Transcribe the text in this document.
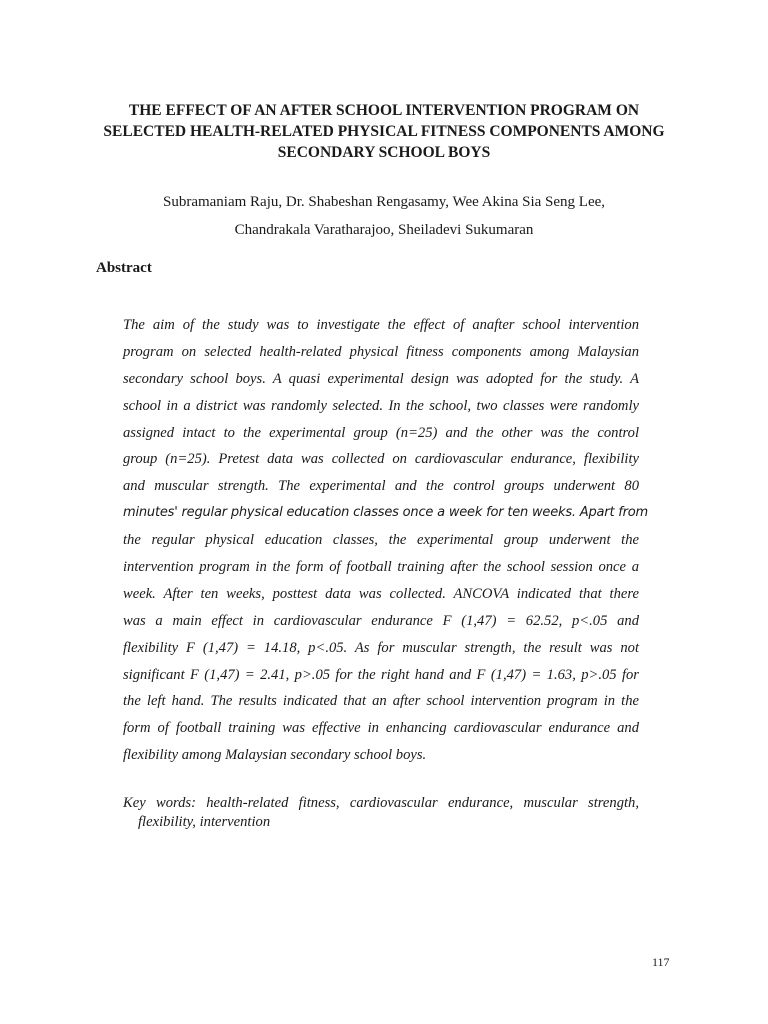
THE EFFECT OF AN AFTER SCHOOL INTERVENTION PROGRAM ON
SELECTED HEALTH-RELATED PHYSICAL FITNESS COMPONENTS AMONG
SECONDARY SCHOOL BOYS
Subramaniam Raju, Dr. Shabeshan Rengasamy, Wee Akina Sia Seng Lee,
Chandrakala Varatharajoo, Sheiladevi Sukumaran
Abstract
The aim of the study was to investigate the effect of anafter school intervention
program on selected health-related physical fitness components among Malaysian
secondary school boys. A quasi experimental design was adopted for the study. A
school in a district was randomly selected. In the school, two classes were randomly
assigned intact to the experimental group (n=25) and the other was the control
group (n=25). Pretest data was collected on cardiovascular endurance, flexibility
and muscular strength. The experimental and the control groups underwent 80
minutes' regular physical education classes once a week for ten weeks. Apart from
the regular physical education classes, the experimental group underwent the
intervention program in the form of football training after the school session once a
week. After ten weeks, posttest data was collected. ANCOVA indicated that there
was a main effect in cardiovascular endurance F (1,47) = 62.52, p<.05 and
flexibility F (1,47) = 14.18, p<.05. As for muscular strength, the result was not
significant F (1,47) = 2.41, p>.05 for the right hand and F (1,47) = 1.63, p>.05 for
the left hand. The results indicated that an after school intervention program in the
form of football training was effective in enhancing cardiovascular endurance and
flexibility among Malaysian secondary school boys.
Key words: health-related fitness, cardiovascular endurance, muscular strength,
flexibility, intervention
117
